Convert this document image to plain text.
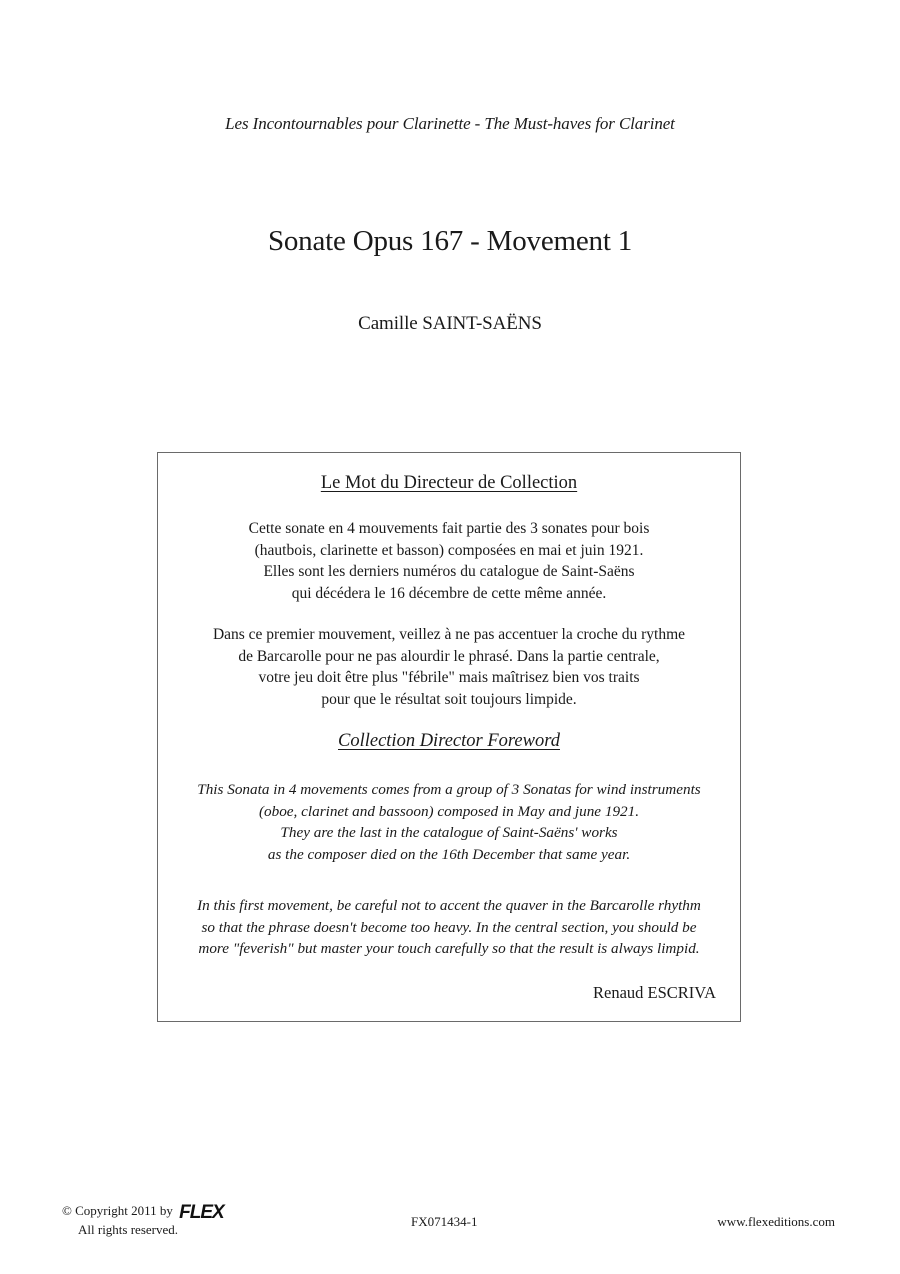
Les Incontournables pour Clarinette - The Must-haves for Clarinet
Sonate Opus 167 - Movement 1
Camille SAINT-SAËNS
Le Mot du Directeur de Collection
Cette sonate en 4 mouvements fait partie des 3 sonates pour bois
(hautbois, clarinette et basson) composées en mai et juin 1921.
Elles sont les derniers numéros du catalogue de Saint-Saëns
qui décédera le 16 décembre de cette même année.
Dans ce premier mouvement, veillez à ne pas accentuer la croche du rythme
de Barcarolle pour ne pas alourdir le phrasé. Dans la partie centrale,
votre jeu doit être plus "fébrile" mais maîtrisez bien vos traits
pour que le résultat soit toujours limpide.
Collection Director Foreword
This Sonata in 4 movements comes from a group of 3 Sonatas for wind instruments
(oboe, clarinet and bassoon) composed in May and june 1921.
They are the last in the catalogue of Saint-Saëns' works
as the composer died on the 16th December that same year.
In this first movement, be careful not to accent the quaver in the Barcarolle rhythm
so that the phrase doesn't become too heavy. In the central section, you should be
more "feverish" but master your touch carefully so that the result is always limpid.
Renaud ESCRIVA
© Copyright 2011 by FLEX
All rights reserved.
FX071434-1	www.flexeditions.com
